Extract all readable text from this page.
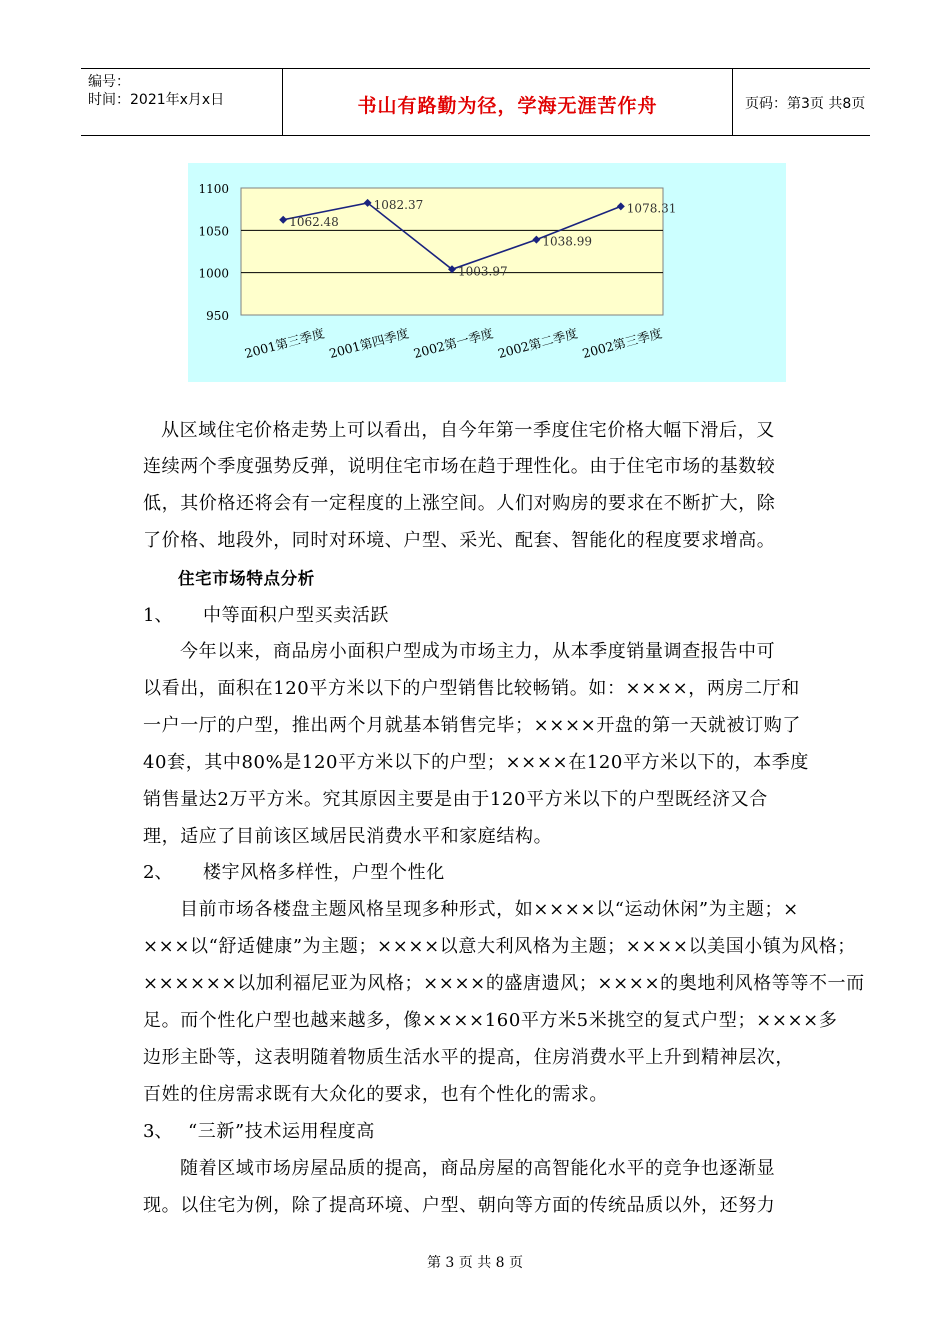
编号：
时间：2021年x月x日	书山有路勤为径，学海无涯苦作舟	页码：第3页 共8页
1100
1050
1000
950
1062.48
1082.37
1003.97
1038.99
1078.31
2001第三季度 2001第四季度 2002第一季度 2002第二季度 2002第三季度
从区域住宅价格走势上可以看出，自今年第一季度住宅价格大幅下滑后，又
连续两个季度强势反弹，说明住宅市场在趋于理性化。由于住宅市场的基数较
低，其价格还将会有一定程度的上涨空间。人们对购房的要求在不断扩大，除
了价格、地段外，同时对环境、户型、采光、配套、智能化的程度要求增高。
住宅市场特点分析
1、 中等面积户型买卖活跃
今年以来，商品房小面积户型成为市场主力，从本季度销量调查报告中可
以看出，面积在120平方米以下的户型销售比较畅销。如：××××，两房二厅和
一户一厅的户型，推出两个月就基本销售完毕；××××开盘的第一天就被订购了
40套，其中80%是120平方米以下的户型；××××在120平方米以下的，本季度
销售量达2万平方米。究其原因主要是由于120平方米以下的户型既经济又合
理，适应了目前该区域居民消费水平和家庭结构。
2、 楼宇风格多样性，户型个性化
目前市场各楼盘主题风格呈现多种形式，如××××以“运动休闲”为主题；×
×××以“舒适健康”为主题；××××以意大利风格为主题；××××以美国小镇为风格；
××××××以加利福尼亚为风格；××××的盛唐遗风；××××的奥地利风格等等不一而
足。而个性化户型也越来越多，像××××160平方米5米挑空的复式户型；××××多
边形主卧等，这表明随着物质生活水平的提高，住房消费水平上升到精神层次，
百姓的住房需求既有大众化的要求，也有个性化的需求。
3、 “三新”技术运用程度高
随着区域市场房屋品质的提高，商品房屋的高智能化水平的竞争也逐渐显
现。以住宅为例，除了提高环境、户型、朝向等方面的传统品质以外，还努力
第 3 页 共 8 页
